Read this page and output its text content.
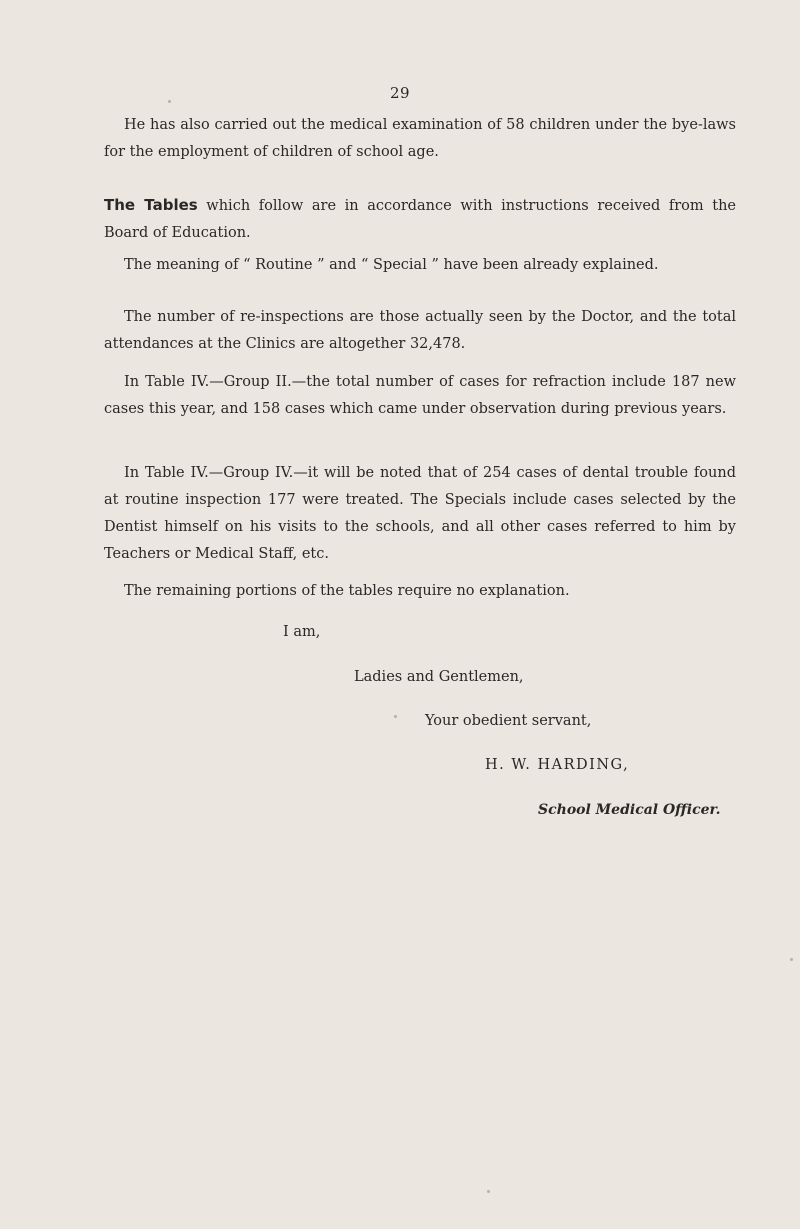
29

He has also carried out the medical examination of 58 children under the bye-laws for the employment of children of school age.

The Tables which follow are in accordance with instructions received from the Board of Education.

The meaning of “ Routine ” and “ Special ” have been already explained.

The number of re-inspections are those actually seen by the Doctor, and the total attendances at the Clinics are altogether 32,478.

In Table IV.—Group II.—the total number of cases for refraction include 187 new cases this year, and 158 cases which came under observation during previous years.

In Table IV.—Group IV.—it will be noted that of 254 cases of dental trouble found at routine inspection 177 were treated. The Specials include cases selected by the Dentist himself on his visits to the schools, and all other cases referred to him by Teachers or Medical Staff, etc.

The remaining portions of the tables require no explanation.

I am,
Ladies and Gentlemen,
Your obedient servant,
H. W. HARDING,
School Medical Officer.
